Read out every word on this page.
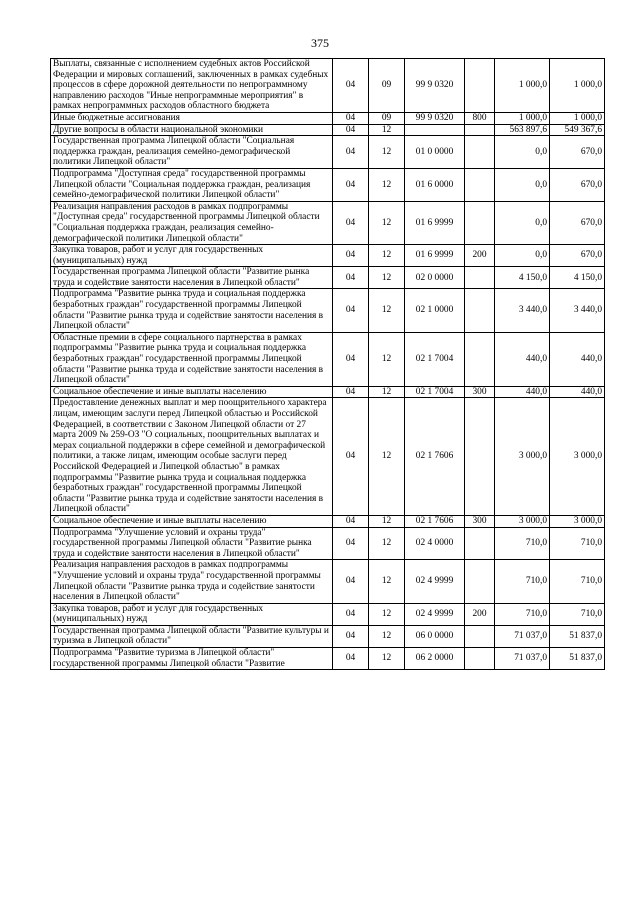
375
Выплаты, связанные с исполнением судебных актов Российской Федерации и мировых соглашений, заключенных в рамках судебных процессов в сфере дорожной деятельности по непрограммному направлению расходов "Иные непрограммные мероприятия" в рамках непрограммных расходов областного бюджета	04	09	99 9 0320		1 000,0	1 000,0
Иные бюджетные ассигнования	04	09	99 9 0320	800	1 000,0	1 000,0
Другие вопросы в области национальной экономики	04	12			563 897,6	549 367,6
Государственная программа Липецкой области "Социальная поддержка граждан, реализация семейно-демографической политики Липецкой области"	04	12	01 0 0000		0,0	670,0
Подпрограмма "Доступная среда" государственной программы Липецкой области "Социальная поддержка граждан, реализация семейно-демографической политики Липецкой области"	04	12	01 6 0000		0,0	670,0
Реализация направления расходов в рамках подпрограммы "Доступная среда" государственной программы Липецкой области "Социальная поддержка граждан, реализация семейно-демографической политики Липецкой области"	04	12	01 6 9999		0,0	670,0
Закупка товаров, работ и услуг для государственных (муниципальных) нужд	04	12	01 6 9999	200	0,0	670,0
Государственная программа Липецкой области "Развитие рынка труда и содействие занятости населения в Липецкой области"	04	12	02 0 0000		4 150,0	4 150,0
Подпрограмма "Развитие рынка труда и социальная поддержка безработных граждан" государственной программы Липецкой области "Развитие рынка труда и содействие занятости населения в Липецкой области"	04	12	02 1 0000		3 440,0	3 440,0
Областные премии в сфере социального партнерства в рамках подпрограммы "Развитие рынка труда и социальная поддержка безработных граждан" государственной программы Липецкой области "Развитие рынка труда и содействие занятости населения в Липецкой области"	04	12	02 1 7004		440,0	440,0
Социальное обеспечение и иные выплаты населению	04	12	02 1 7004	300	440,0	440,0
Предоставление денежных выплат и мер поощрительного характера лицам, имеющим заслуги перед Липецкой областью и Российской Федерацией, в соответствии с Законом Липецкой области от 27 марта 2009 № 259-ОЗ "О социальных, поощрительных выплатах и мерах социальной поддержки в сфере семейной и демографической политики, а также лицам, имеющим особые заслуги перед Российской Федерацией и Липецкой областью" в рамках подпрограммы "Развитие рынка труда и социальная поддержка безработных граждан" государственной программы Липецкой области "Развитие рынка труда и содействие занятости населения в Липецкой области"	04	12	02 1 7606		3 000,0	3 000,0
Социальное обеспечение и иные выплаты населению	04	12	02 1 7606	300	3 000,0	3 000,0
Подпрограмма "Улучшение условий и охраны труда" государственной программы Липецкой области "Развитие рынка труда и содействие занятости населения в Липецкой области"	04	12	02 4 0000		710,0	710,0
Реализация направления расходов в рамках подпрограммы "Улучшение условий и охраны труда" государственной программы Липецкой области "Развитие рынка труда и содействие занятости населения в Липецкой области"	04	12	02 4 9999		710,0	710,0
Закупка товаров, работ и услуг для государственных (муниципальных) нужд	04	12	02 4 9999	200	710,0	710,0
Государственная программа Липецкой области "Развитие культуры и туризма в Липецкой области"	04	12	06 0 0000		71 037,0	51 837,0
Подпрограмма "Развитие туризма в Липецкой области" государственной программы Липецкой области "Развитие	04	12	06 2 0000		71 037,0	51 837,0
